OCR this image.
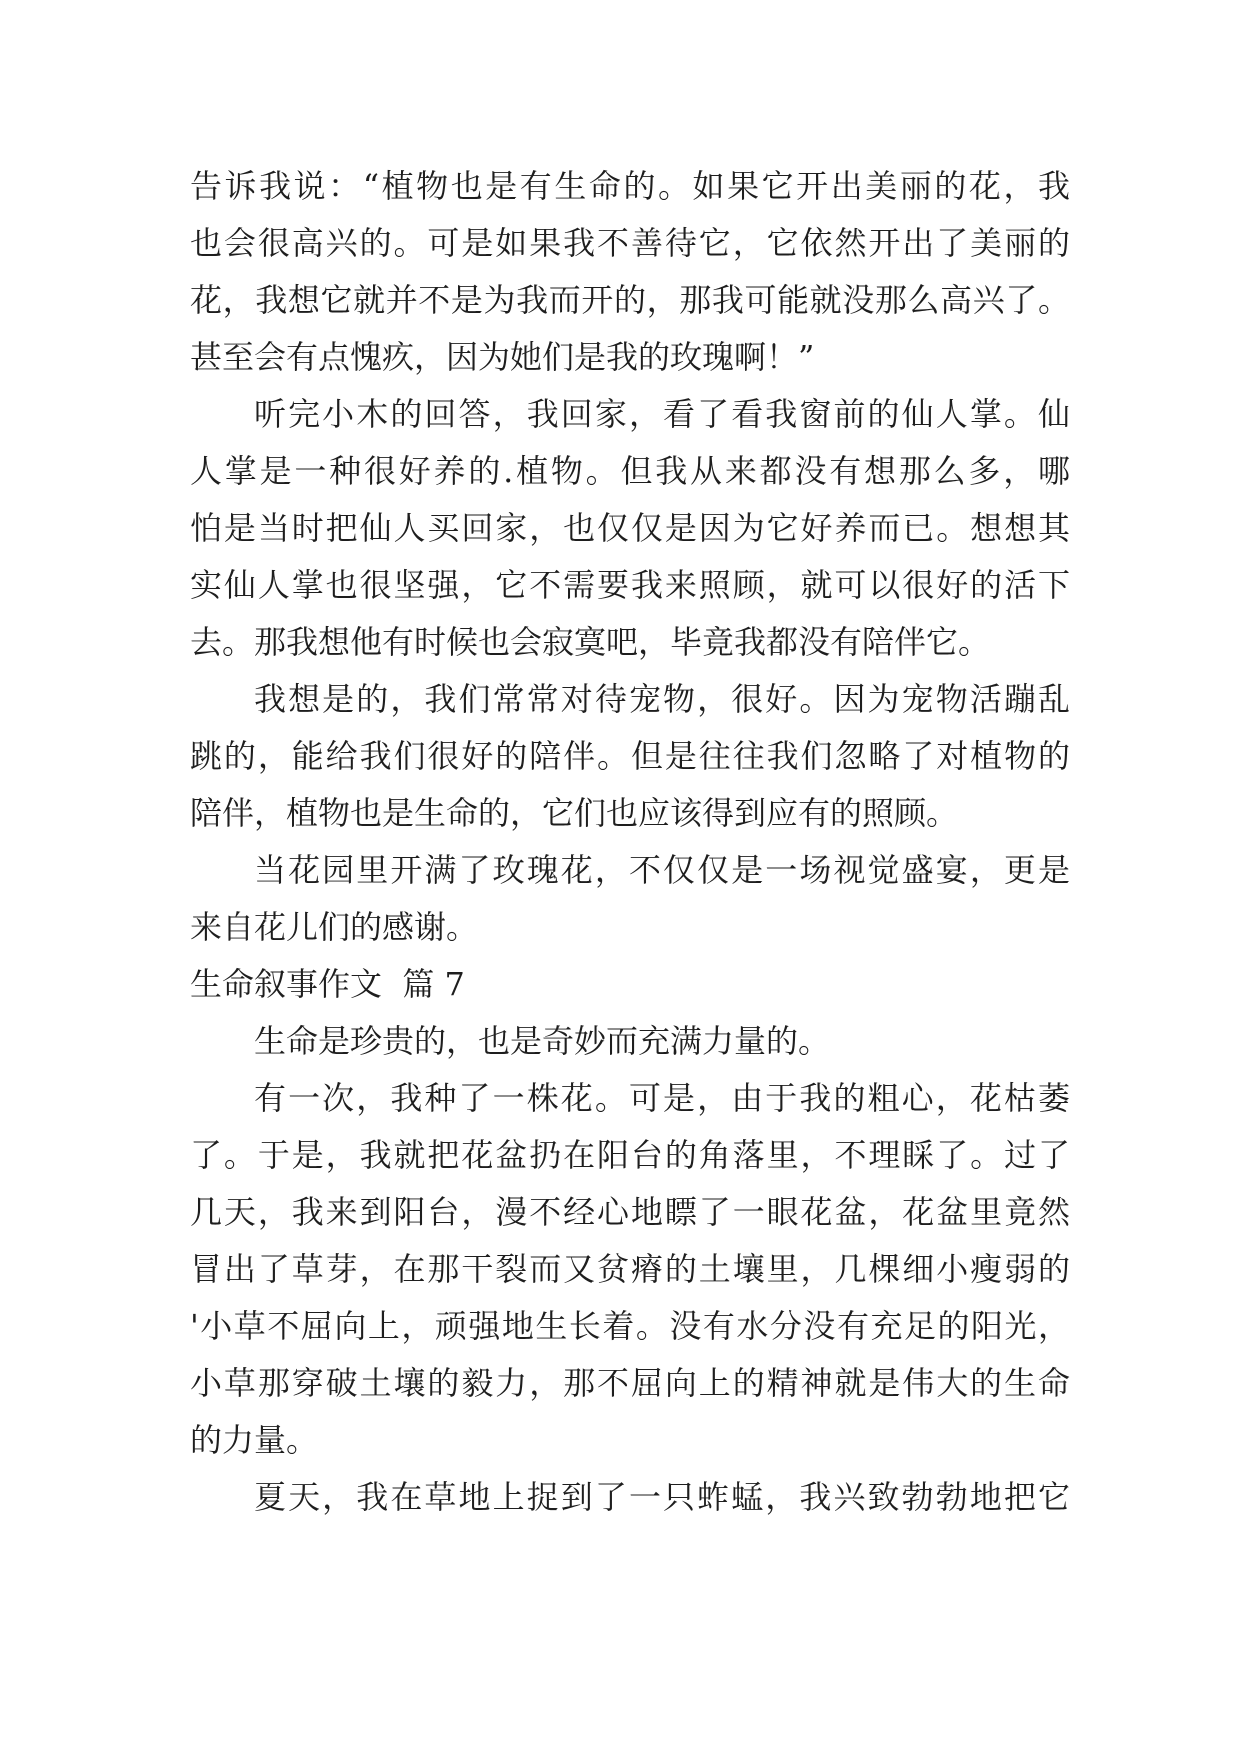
告诉我说：“植物也是有生命的。如果它开出美丽的花，我
也会很高兴的。可是如果我不善待它，它依然开出了美丽的
花，我想它就并不是为我而开的，那我可能就没那么高兴了。
甚至会有点愧疚，因为她们是我的玫瑰啊！”
听完小木的回答，我回家，看了看我窗前的仙人掌。仙
人掌是一种很好养的.植物。但我从来都没有想那么多，哪
怕是当时把仙人买回家，也仅仅是因为它好养而已。想想其
实仙人掌也很坚强，它不需要我来照顾，就可以很好的活下
去。那我想他有时候也会寂寞吧，毕竟我都没有陪伴它。
我想是的，我们常常对待宠物，很好。因为宠物活蹦乱
跳的，能给我们很好的陪伴。但是往往我们忽略了对植物的
陪伴，植物也是生命的，它们也应该得到应有的照顾。
当花园里开满了玫瑰花，不仅仅是一场视觉盛宴，更是
来自花儿们的感谢。
生命叙事作文  篇 7
生命是珍贵的，也是奇妙而充满力量的。
有一次，我种了一株花。可是，由于我的粗心，花枯萎
了。于是，我就把花盆扔在阳台的角落里，不理睬了。过了
几天，我来到阳台，漫不经心地瞟了一眼花盆，花盆里竟然
冒出了草芽，在那干裂而又贫瘠的土壤里，几棵细小瘦弱的
'小草不屈向上，顽强地生长着。没有水分没有充足的阳光，
小草那穿破土壤的毅力，那不屈向上的精神就是伟大的生命
的力量。
夏天，我在草地上捉到了一只蚱蜢，我兴致勃勃地把它
